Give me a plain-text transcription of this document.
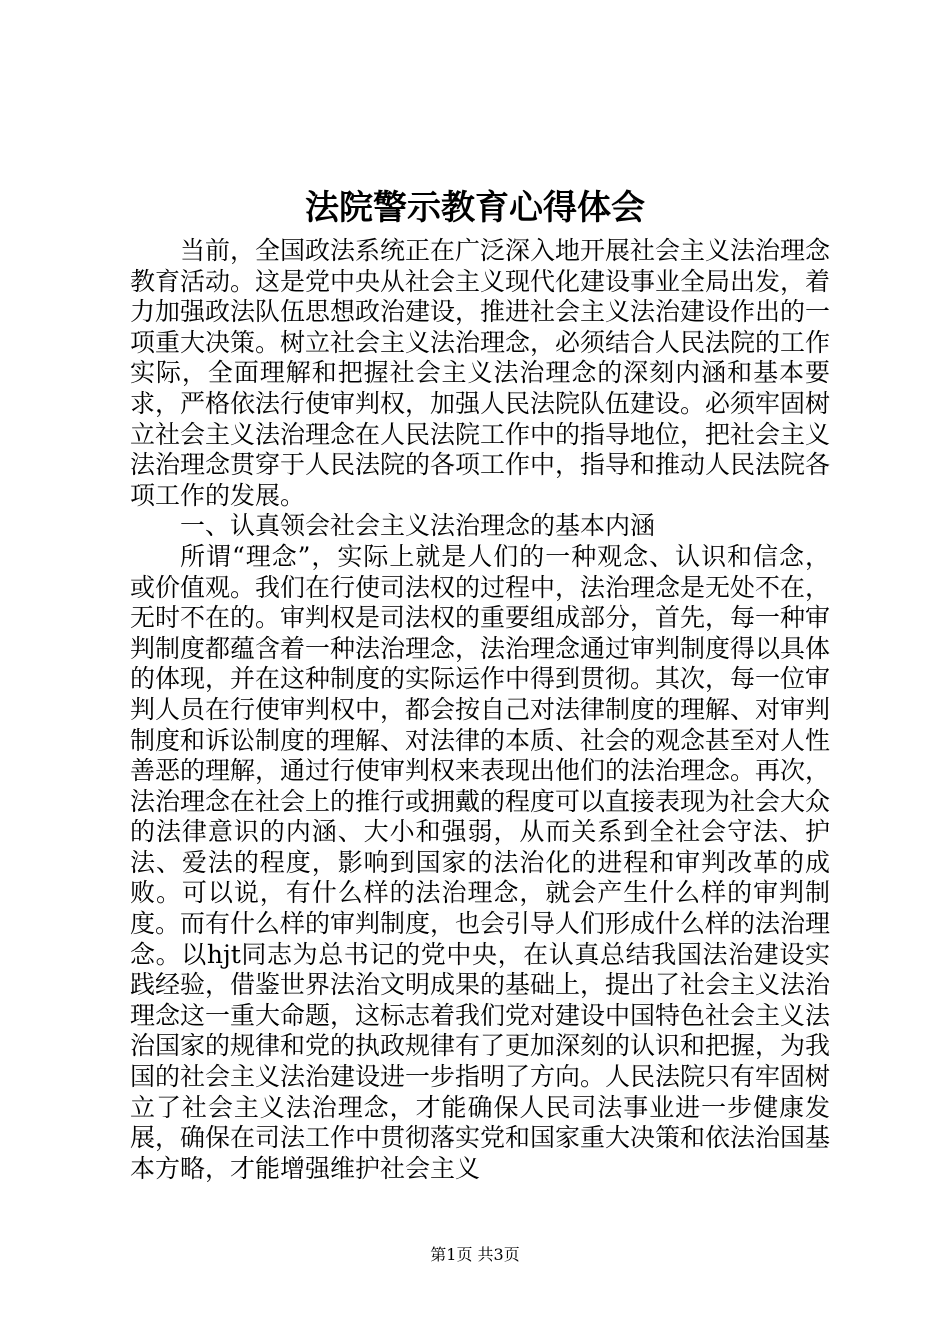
法院警示教育心得体会

当前，全国政法系统正在广泛深入地开展社会主义法治理念教育活动。这是党中央从社会主义现代化建设事业全局出发，着力加强政法队伍思想政治建设，推进社会主义法治建设作出的一项重大决策。树立社会主义法治理念，必须结合人民法院的工作实际，全面理解和把握社会主义法治理念的深刻内涵和基本要求，严格依法行使审判权，加强人民法院队伍建设。必须牢固树立社会主义法治理念在人民法院工作中的指导地位，把社会主义法治理念贯穿于人民法院的各项工作中，指导和推动人民法院各项工作的发展。

一、认真领会社会主义法治理念的基本内涵

所谓“理念”，实际上就是人们的一种观念、认识和信念，或价值观。我们在行使司法权的过程中，法治理念是无处不在，无时不在的。审判权是司法权的重要组成部分，首先，每一种审判制度都蕴含着一种法治理念，法治理念通过审判制度得以具体的体现，并在这种制度的实际运作中得到贯彻。其次，每一位审判人员在行使审判权中，都会按自己对法律制度的理解、对审判制度和诉讼制度的理解、对法律的本质、社会的观念甚至对人性善恶的理解，通过行使审判权来表现出他们的法治理念。再次，法治理念在社会上的推行或拥戴的程度可以直接表现为社会大众的法律意识的内涵、大小和强弱，从而关系到全社会守法、护法、爱法的程度，影响到国家的法治化的进程和审判改革的成败。可以说，有什么样的法治理念，就会产生什么样的审判制度。而有什么样的审判制度，也会引导人们形成什么样的法治理念。以hjt同志为总书记的党中央，在认真总结我国法治建设实践经验，借鉴世界法治文明成果的基础上，提出了社会主义法治理念这一重大命题，这标志着我们党对建设中国特色社会主义法治国家的规律和党的执政规律有了更加深刻的认识和把握，为我国的社会主义法治建设进一步指明了方向。人民法院只有牢固树立了社会主义法治理念，才能确保人民司法事业进一步健康发展，确保在司法工作中贯彻落实党和国家重大决策和依法治国基本方略，才能增强维护社会主义

第1页 共3页
